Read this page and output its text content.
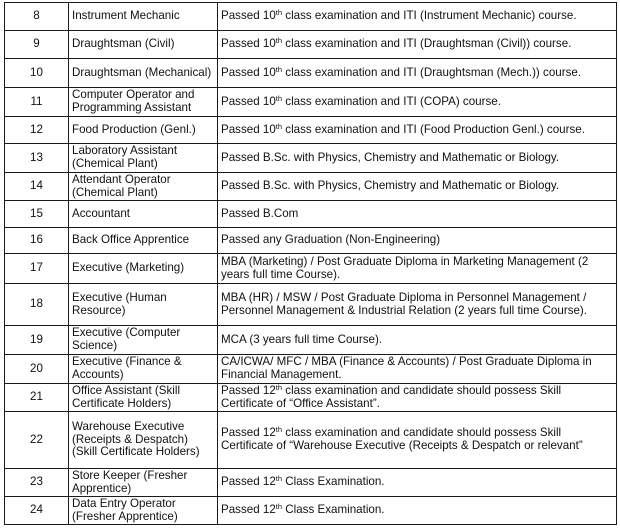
8	Instrument Mechanic	Passed 10th class examination and ITI (Instrument Mechanic) course.
9	Draughtsman (Civil)	Passed 10th class examination and ITI (Draughtsman (Civil)) course.
10	Draughtsman (Mechanical)	Passed 10th class examination and ITI (Draughtsman (Mech.)) course.
11	Computer Operator and Programming Assistant	Passed 10th class examination and ITI (COPA) course.
12	Food Production (Genl.)	Passed 10th class examination and ITI (Food Production Genl.) course.
13	Laboratory Assistant (Chemical Plant)	Passed B.Sc. with Physics, Chemistry and Mathematic or Biology.
14	Attendant Operator (Chemical Plant)	Passed B.Sc. with Physics, Chemistry and Mathematic or Biology.
15	Accountant	Passed B.Com
16	Back Office Apprentice	Passed any Graduation (Non-Engineering)
17	Executive (Marketing)	MBA (Marketing) / Post Graduate Diploma in Marketing Management (2 years full time Course).
18	Executive (Human Resource)	MBA (HR) / MSW / Post Graduate Diploma in Personnel Management / Personnel Management & Industrial Relation (2 years full time Course).
19	Executive (Computer Science)	MCA (3 years full time Course).
20	Executive (Finance & Accounts)	CA/ICWA/ MFC / MBA (Finance & Accounts) / Post Graduate Diploma in Financial Management.
21	Office Assistant (Skill Certificate Holders)	Passed 12th class examination and candidate should possess Skill Certificate of “Office Assistant”.
22	Warehouse Executive (Receipts & Despatch) (Skill Certificate Holders)	Passed 12th class examination and candidate should possess Skill Certificate of “Warehouse Executive (Receipts & Despatch or relevant”
23	Store Keeper (Fresher Apprentice)	Passed 12th Class Examination.
24	Data Entry Operator (Fresher Apprentice)	Passed 12th Class Examination.
